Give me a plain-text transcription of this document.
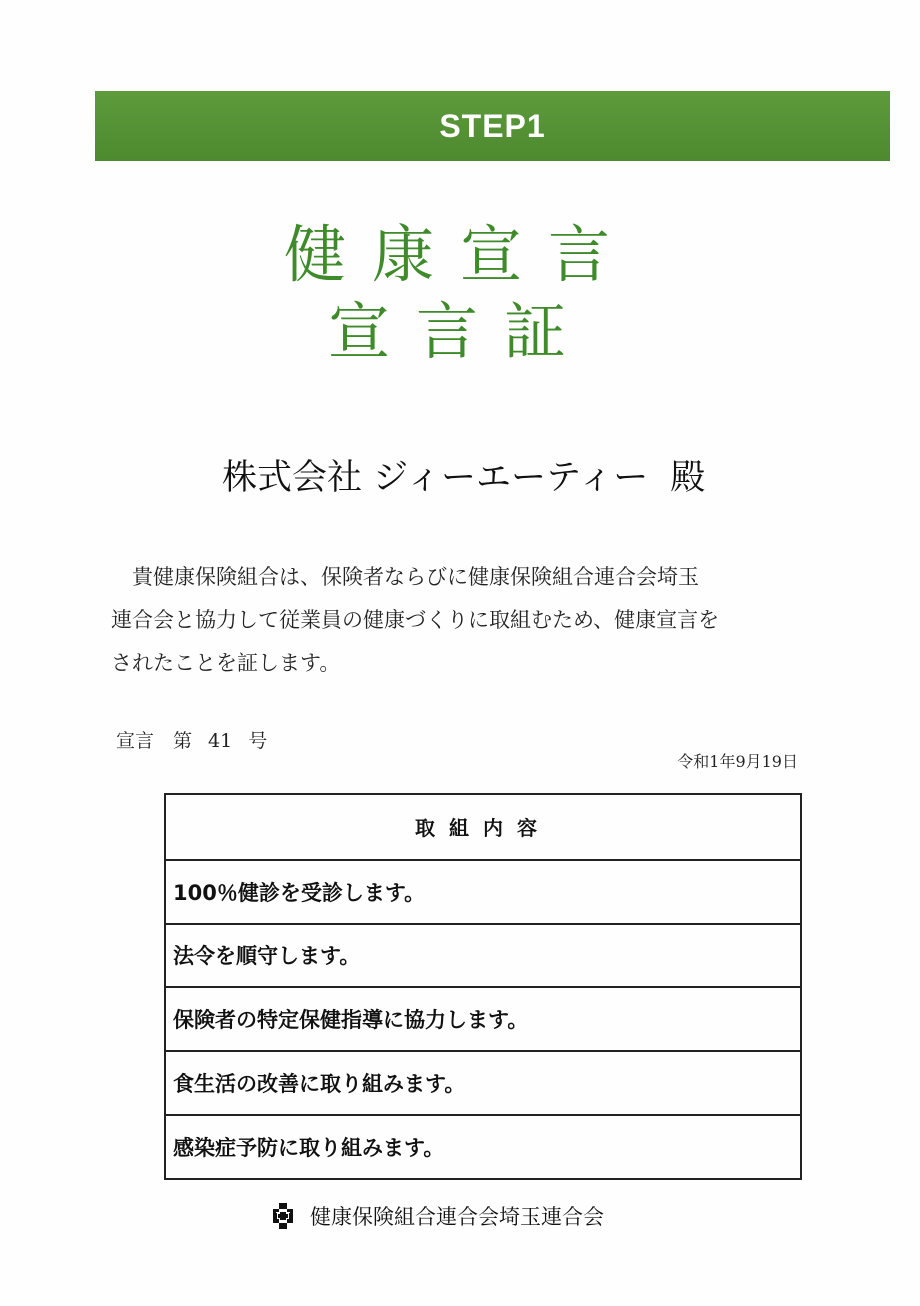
STEP1
健康宣言
宣言証
株式会社 ジィーエーティー 殿
貴健康保険組合は、保険者ならびに健康保険組合連合会埼玉
連合会と協力して従業員の健康づくりに取組むため、健康宣言を
されたことを証します。
宣言　第 41 号
令和1年9月19日
取組内容
100％健診を受診します。
法令を順守します。
保険者の特定保健指導に協力します。
食生活の改善に取り組みます。
感染症予防に取り組みます。
健康保険組合連合会埼玉連合会
